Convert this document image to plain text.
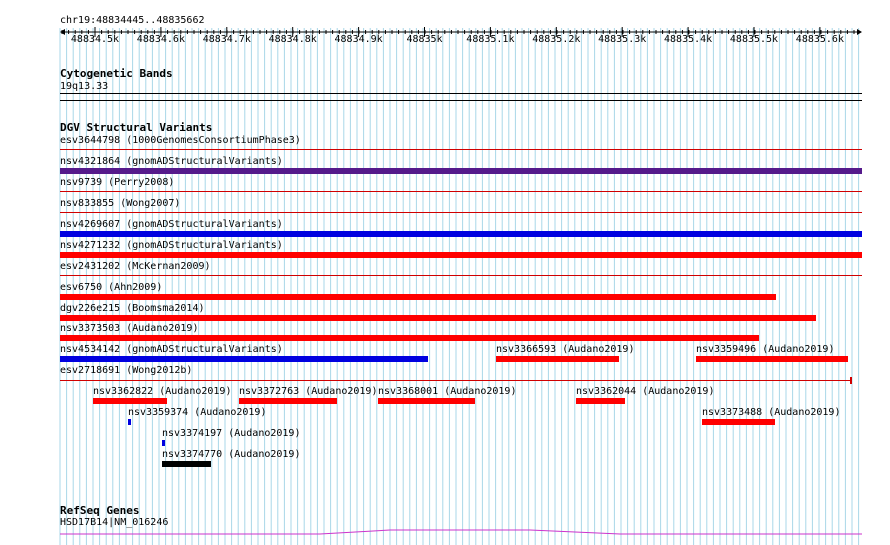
chr19:48834445..48835662
48834.5k 48834.6k 48834.7k 48834.8k 48834.9k 48835k 48835.1k 48835.2k 48835.3k 48835.4k 48835.5k 48835.6k
Cytogenetic Bands
19q13.33
DGV Structural Variants
esv3644798 (1000GenomesConsortiumPhase3)
nsv4321864 (gnomADStructuralVariants)
nsv9739 (Perry2008)
nsv833855 (Wong2007)
nsv4269607 (gnomADStructuralVariants)
nsv4271232 (gnomADStructuralVariants)
esv2431202 (McKernan2009)
esv6750 (Ahn2009)
dgv226e215 (Boomsma2014)
nsv3373503 (Audano2019)
nsv4534142 (gnomADStructuralVariants)	nsv3366593 (Audano2019)	nsv3359496 (Audano2019)
esv2718691 (Wong2012b)
nsv3362822 (Audano2019) nsv3372763 (Audano2019) nsv3368001 (Audano2019)	nsv3362044 (Audano2019)
nsv3359374 (Audano2019)	nsv3373488 (Audano2019)
nsv3374197 (Audano2019)
nsv3374770 (Audano2019)
RefSeq Genes
HSD17B14|NM_016246
